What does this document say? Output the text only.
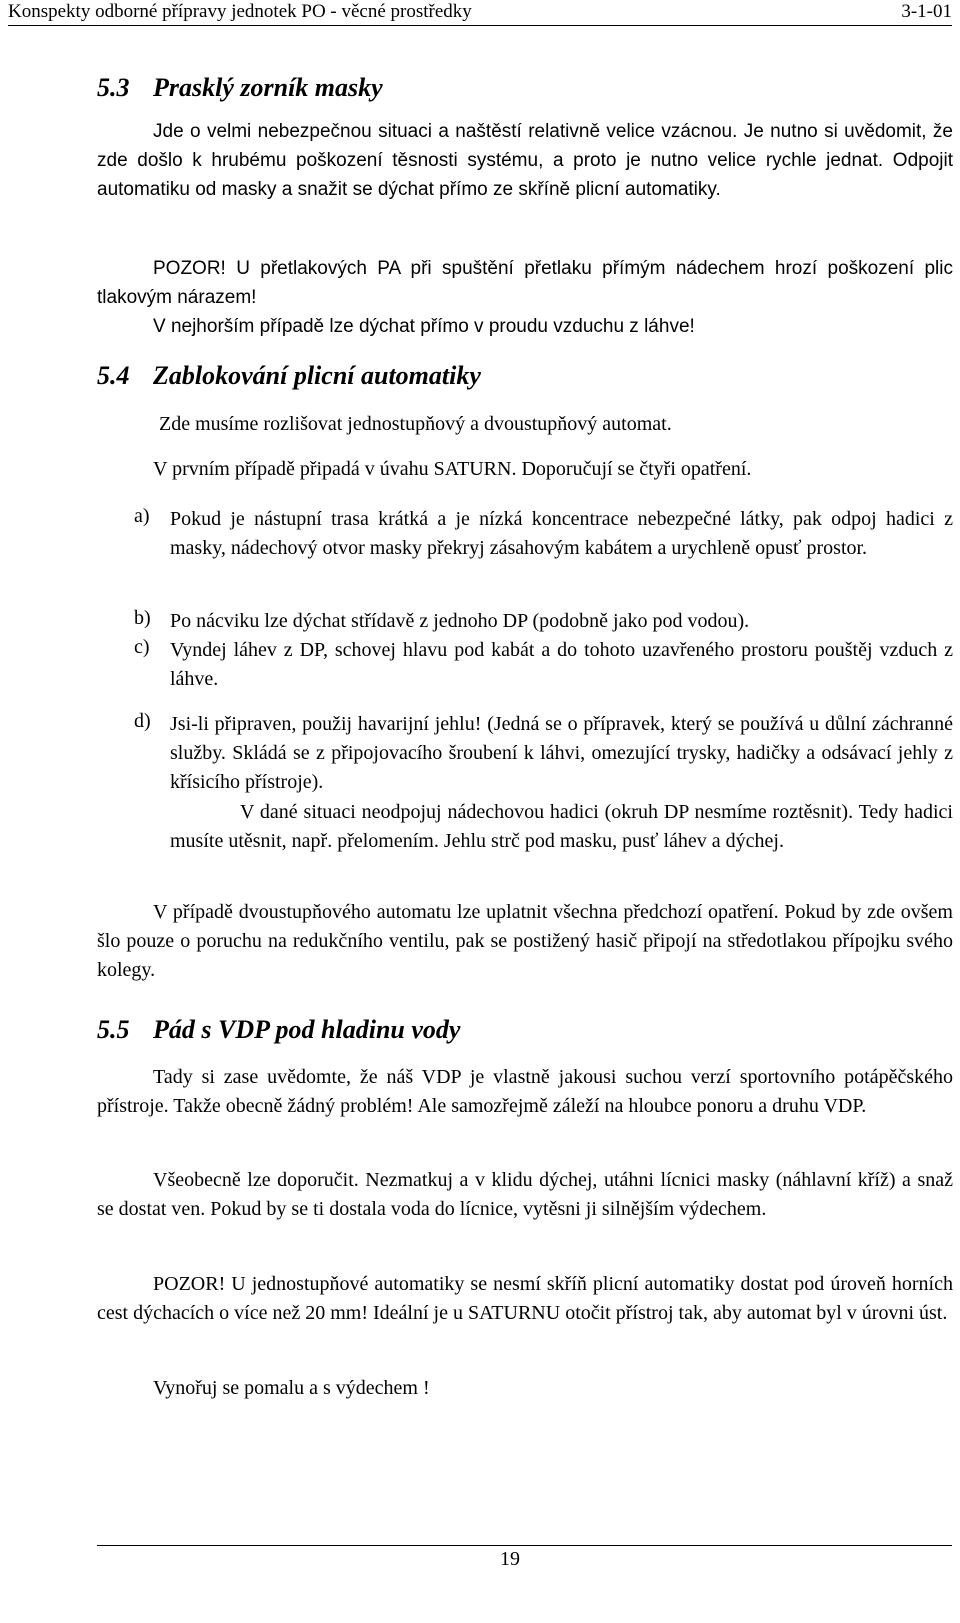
Konspekty odborné přípravy jednotek PO - věcné prostředky	3-1-01
5.3 Prasklý zorník masky

Jde o velmi nebezpečnou situaci a naštěstí relativně velice vzácnou. Je nutno si uvědomit, že zde došlo k hrubému poškození těsnosti systému, a proto je nutno velice rychle jednat. Odpojit automatiku od masky a snažit se dýchat přímo ze skříně plicní automatiky.

POZOR! U přetlakových PA při spuštění přetlaku přímým nádechem hrozí poškození plic tlakovým nárazem!

V nejhorším případě lze dýchat přímo v proudu vzduchu z láhve!

5.4 Zablokování plicní automatiky

Zde musíme rozlišovat jednostupňový a dvoustupňový automat.

V prvním případě připadá v úvahu SATURN. Doporučují se čtyři opatření.

a) Pokud je nástupní trasa krátká a je nízká koncentrace nebezpečné látky, pak odpoj hadici z masky, nádechový otvor masky překryj zásahovým kabátem a urychleně opusť prostor.
b) Po nácviku lze dýchat střídavě z jednoho DP (podobně jako pod vodou).
c) Vyndej láhev z DP, schovej hlavu pod kabát a do tohoto uzavřeného prostoru pouštěj vzduch z láhve.
d) Jsi-li připraven, použij havarijní jehlu! (Jedná se o přípravek, který se používá u důlní záchranné služby. Skládá se z připojovacího šroubení k láhvi, omezující trysky, hadičky a odsávací jehly z křísicího přístroje).
V dané situaci neodpojuj nádechovou hadici (okruh DP nesmíme roztěsnit). Tedy hadici musíte utěsnit, např. přelomením. Jehlu strč pod masku, pusť láhev a dýchej.

V případě dvoustupňového automatu lze uplatnit všechna předchozí opatření. Pokud by zde ovšem šlo pouze o poruchu na redukčního ventilu, pak se postižený hasič připojí na středotlakou přípojku svého kolegy.

5.5 Pád s VDP pod hladinu vody

Tady si zase uvědomte, že náš VDP je vlastně jakousi suchou verzí sportovního potápěčského přístroje. Takže obecně žádný problém! Ale samozřejmě záleží na hloubce ponoru a druhu VDP.

Všeobecně lze doporučit. Nezmatkuj a v klidu dýchej, utáhni lícnici masky (náhlavní kříž) a snaž se dostat ven. Pokud by se ti dostala voda do lícnice, vytěsni ji silnějším výdechem.

POZOR! U jednostupňové automatiky se nesmí skříň plicní automatiky dostat pod úroveň horních cest dýchacích o více než 20 mm! Ideální je u SATURNU otočit přístroj tak, aby automat byl v úrovni úst.

Vynořuj se pomalu a s výdechem !

19
